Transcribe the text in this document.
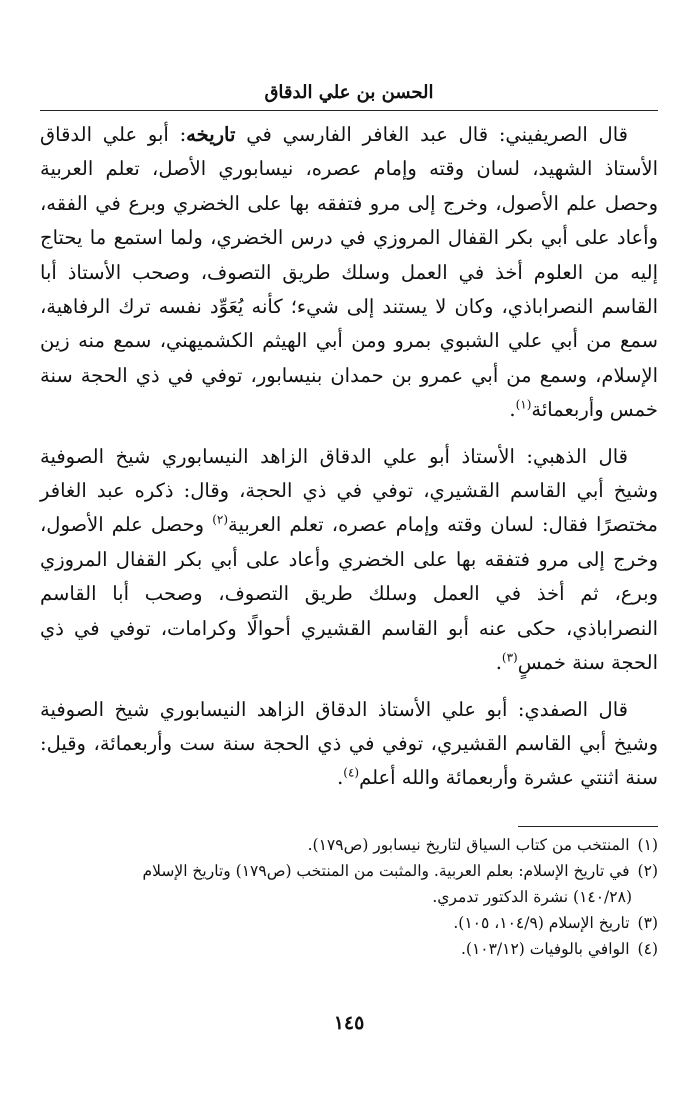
الحسن بن علي الدقاق

قال الصريفيني: قال عبد الغافر الفارسي في تاريخه: أبو علي الدقاق الأستاذ الشهيد، لسان وقته وإمام عصره، نيسابوري الأصل، تعلم العربية وحصل علم الأصول، وخرج إلى مرو فتفقه بها على الخضري وبرع في الفقه، وأعاد على أبي بكر القفال المروزي في درس الخضري، ولما استمع ما يحتاج إليه من العلوم أخذ في العمل وسلك طريق التصوف، وصحب الأستاذ أبا القاسم النصراباذي، وكان لا يستند إلى شيء؛ كأنه يُعَوِّد نفسه ترك الرفاهية، سمع من أبي علي الشبوي بمرو ومن أبي الهيثم الكشميهني، سمع منه زين الإسلام، وسمع من أبي عمرو بن حمدان بنيسابور، توفي في ذي الحجة سنة خمس وأربعمائة$^{(١)}$.

قال الذهبي: الأستاذ أبو علي الدقاق الزاهد النيسابوري شيخ الصوفية وشيخ أبي القاسم القشيري، توفي في ذي الحجة، وقال: ذكره عبد الغافر مختصرًا فقال: لسان وقته وإمام عصره، تعلم العربية$^{(٢)}$ وحصل علم الأصول، وخرج إلى مرو فتفقه بها على الخضري وأعاد على أبي بكر القفال المروزي وبرع، ثم أخذ في العمل وسلك طريق التصوف، وصحب أبا القاسم النصراباذي، حكى عنه أبو القاسم القشيري أحوالًا وكرامات، توفي في ذي الحجة سنة خمسٍ$^{(٣)}$.

قال الصفدي: أبو علي الأستاذ الدقاق الزاهد النيسابوري شيخ الصوفية وشيخ أبي القاسم القشيري، توفي في ذي الحجة سنة ست وأربعمائة، وقيل: سنة اثنتي عشرة وأربعمائة والله أعلم$^{(٤)}$.

(١)المنتخب من كتاب السياق لتاريخ نيسابور (ص١٧٩).
(٢)في تاريخ الإسلام: بعلم العربية. والمثبت من المنتخب (ص١٧٩) وتاريخ الإسلام
(١٤٠/٢٨) نشرة الدكتور تدمري.
(٣)تاريخ الإسلام (١٠٤/٩، ١٠٥).
(٤)الوافي بالوفيات (١٠٣/١٢).
١٤٥
